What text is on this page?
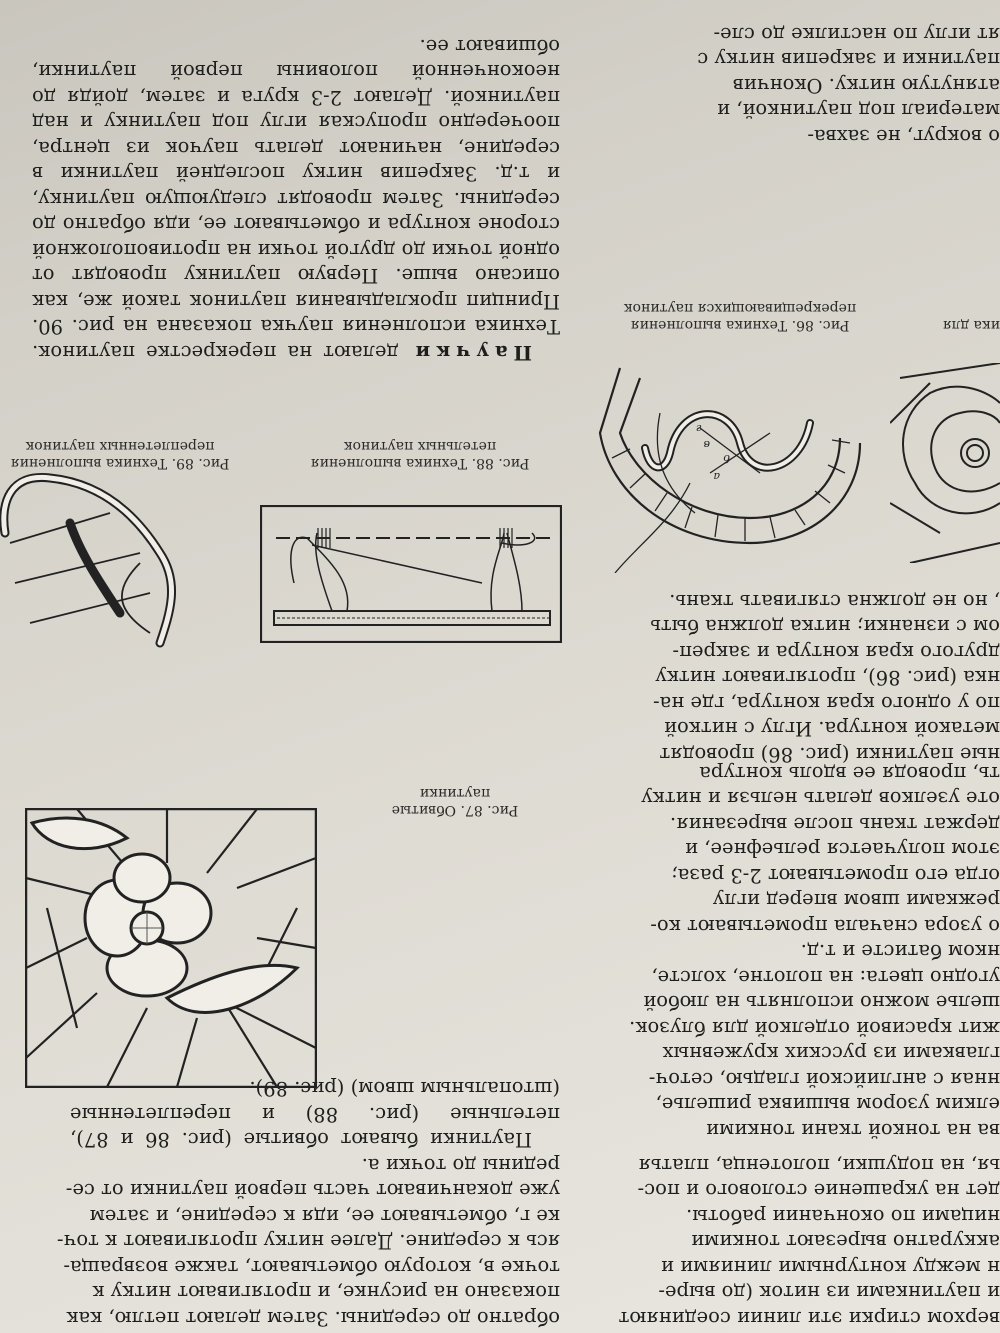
верхом стирки эти линии соединяют
и паутинками из ниток (до выре-
н между контурными линиями и
аккуратно вырезают тонкими
ницами по окончании работы.
дет на украшение столового и пос-
ья, на подушки, полотенца, платья
ва на тонкой ткани тонкими
елким узором вышивка ришелье,
нная с английской гладью, сеточ-
главками из русских кружевных
жит красивой отделкой для блузок.
шелье можно исполнять на любой
угодно цвета: на полотне, холсте,
нком батисте и т.д.
о узора сначала прометывают ко-
режками швом вперед иглу
огда его прометывают 2-3 раза;
этом получается рельефнее, и
держат ткань после вырезания.
оте узелков делать нельзя и нитку
ть, проводя ее вдоль контура
ные паутинки (рис. 86) проводят
метакой контура. Иглу с ниткой
по у одного края контура, где на-
нка (рис. 86), протягивают нитку
другого края контура и закреп-
ом с изнанки; нитка должна быть
, но не должна стягивать ткань.
о вокруг, не захва-
материал под паутинкой, и
атянутую нитку. Окончив
паутинки и закрепив нитку с
ят иглу по настилке до сле-
обратно до середины. Затем делают петлю, как
показано на рисунке, и протягивают нитку к
точке в, которую обметывают, также возвраща-
ясь к середине. Далее нитку протягивают к точ-
ке г, обметывают ее, идя к середине, и затем
уже доканчивают часть первой паутинки от се-
редины до точки а.

Паутинки бывают обвитые (рис. 86 и 87), петельные (рис. 88) и переплетенные (штопальным швом) (рис. 89).

Паучки делают на перекрестке паутинок. Техника исполнения паучка показана на рис. 90. Принцип прокладывания паутинок такой же, как описано выше. Первую паутинку проводят от одной точки до другой точки на противоположной стороне контура и обметывают ее, идя обратно до середины. Затем проводят следующую паутинку, и т.д. Закрепив нитку последней паутинки в середине, начинают делать паучок из центра, поочередно пропуская иглу под паутинку и над паутинкой. Делают 2-3 круга и затем, дойдя до неоконченной половины первой паутинки, обшивают ее.

а
б
в
г
Рис. 86. Техника выполнения перекрещивающихся паутинок
ика для
Рис. 87. Обвитые паутинки
Рис. 88. Техника выполнения петельных паутинок
Рис. 89. Техника выполнения переплетенных паутинок
